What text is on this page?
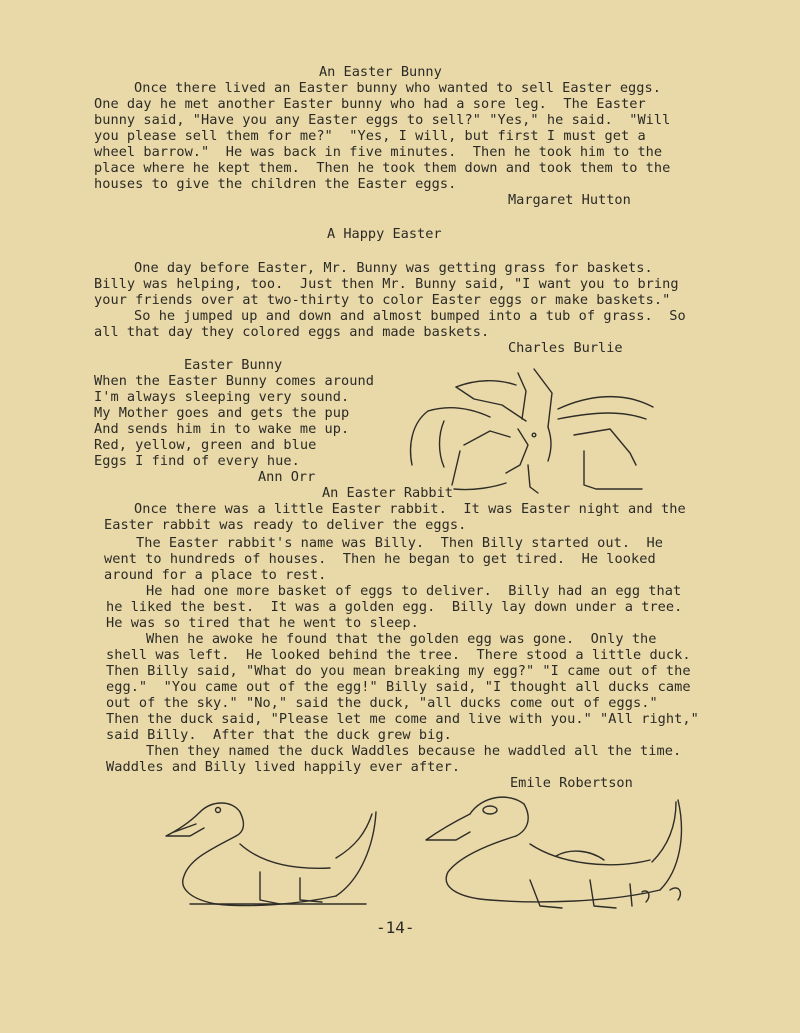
An Easter Bunny
Once there lived an Easter bunny who wanted to sell Easter eggs.
One day he met another Easter bunny who had a sore leg.  The Easter
bunny said, "Have you any Easter eggs to sell?" "Yes," he said.  "Will
you please sell them for me?"  "Yes, I will, but first I must get a
wheel barrow."  He was back in five minutes.  Then he took him to the
place where he kept them.  Then he took them down and took them to the
houses to give the children the Easter eggs.
Margaret Hutton
A Happy Easter
One day before Easter, Mr. Bunny was getting grass for baskets.
Billy was helping, too.  Just then Mr. Bunny said, "I want you to bring
your friends over at two-thirty to color Easter eggs or make baskets."
So he jumped up and down and almost bumped into a tub of grass.  So
all that day they colored eggs and made baskets.
Charles Burlie
Easter Bunny
When the Easter Bunny comes around
I'm always sleeping very sound.
My Mother goes and gets the pup
And sends him in to wake me up.
Red, yellow, green and blue
Eggs I find of every hue.
Ann Orr
An Easter Rabbit
Once there was a little Easter rabbit.  It was Easter night and the
Easter rabbit was ready to deliver the eggs.
The Easter rabbit's name was Billy.  Then Billy started out.  He
went to hundreds of houses.  Then he began to get tired.  He looked
around for a place to rest.
He had one more basket of eggs to deliver.  Billy had an egg that
he liked the best.  It was a golden egg.  Billy lay down under a tree.
He was so tired that he went to sleep.
When he awoke he found that the golden egg was gone.  Only the
shell was left.  He looked behind the tree.  There stood a little duck.
Then Billy said, "What do you mean breaking my egg?" "I came out of the
egg."  "You came out of the egg!" Billy said, "I thought all ducks came
out of the sky." "No," said the duck, "all ducks come out of eggs."
Then the duck said, "Please let me come and live with you." "All right,"
said Billy.  After that the duck grew big.
Then they named the duck Waddles because he waddled all the time.
Waddles and Billy lived happily ever after.
Emile Robertson
-14-
